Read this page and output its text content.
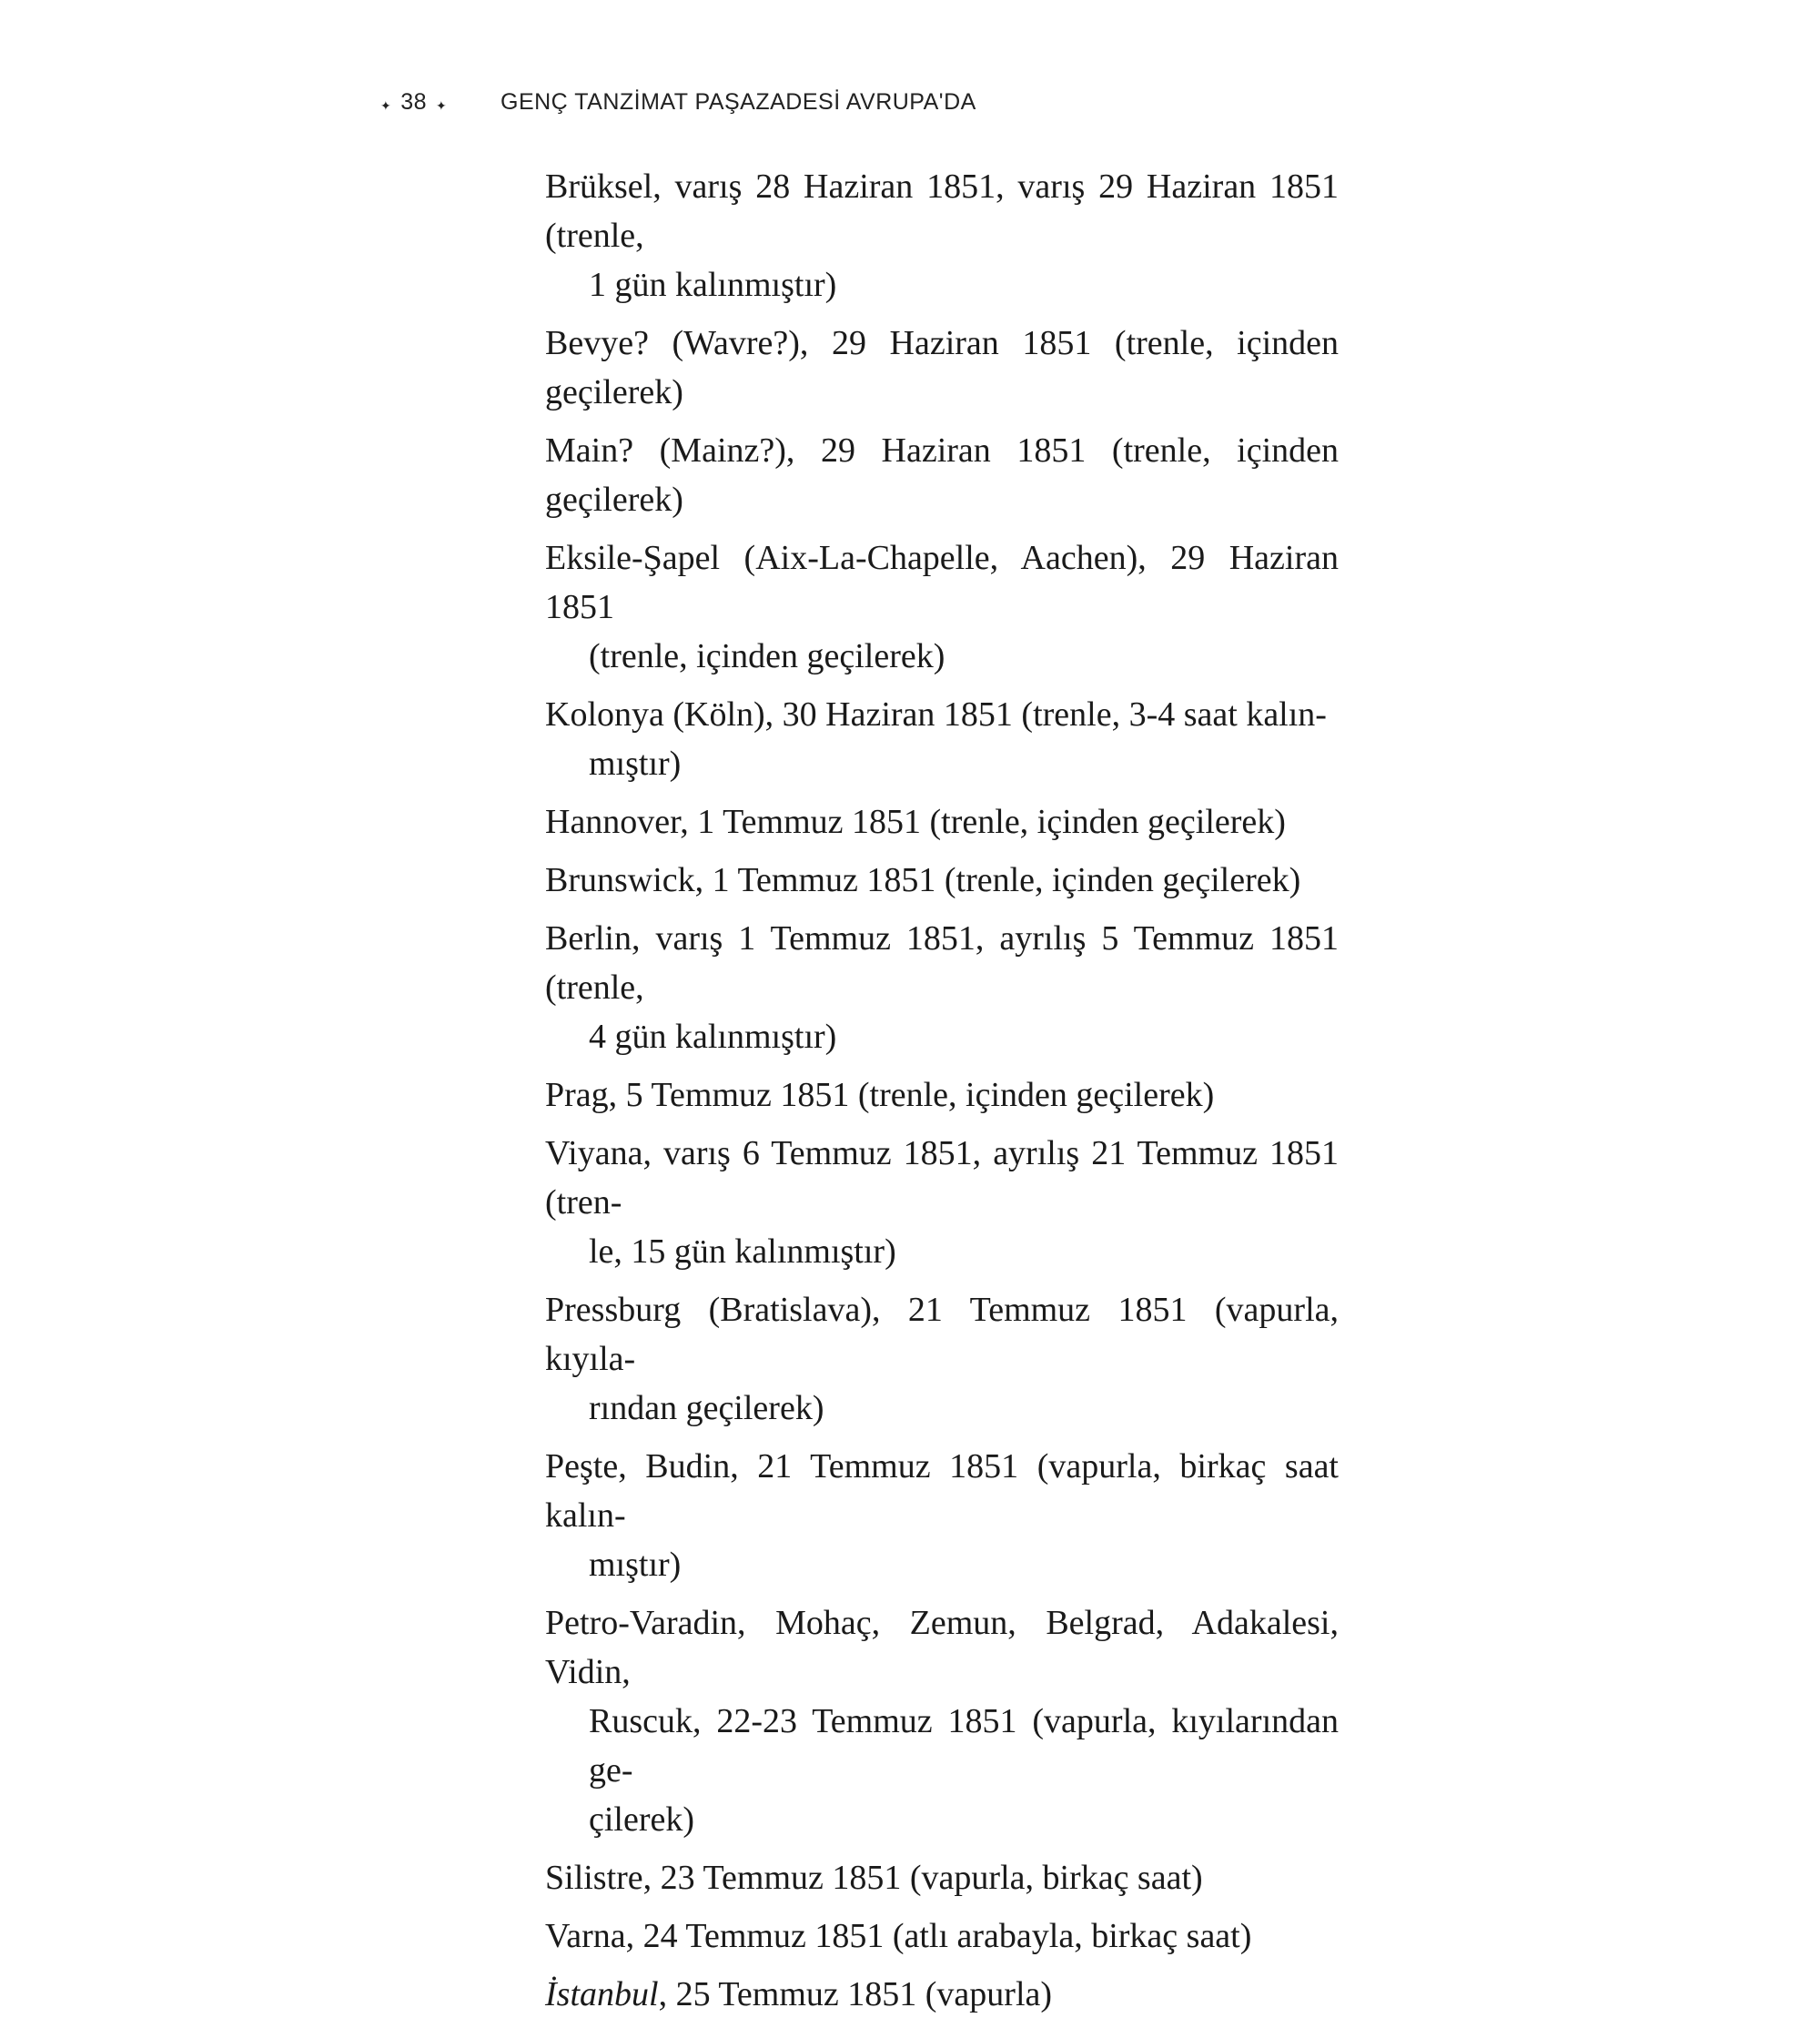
✦ 38 ✦ GENÇ TANZİMAT PAŞAZADESİ AVRUPA'DA
Brüksel, varış 28 Haziran 1851, varış 29 Haziran 1851 (trenle,
1 gün kalınmıştır)
Bevye? (Wavre?), 29 Haziran 1851 (trenle, içinden geçilerek)
Main? (Mainz?), 29 Haziran 1851 (trenle, içinden geçilerek)
Eksile-Şapel (Aix-La-Chapelle, Aachen), 29 Haziran 1851
(trenle, içinden geçilerek)
Kolonya (Köln), 30 Haziran 1851 (trenle, 3-4 saat kalın-
mıştır)
Hannover, 1 Temmuz 1851 (trenle, içinden geçilerek)
Brunswick, 1 Temmuz 1851 (trenle, içinden geçilerek)
Berlin, varış 1 Temmuz 1851, ayrılış 5 Temmuz 1851 (trenle,
4 gün kalınmıştır)
Prag, 5 Temmuz 1851 (trenle, içinden geçilerek)
Viyana, varış 6 Temmuz 1851, ayrılış 21 Temmuz 1851 (tren-
le, 15 gün kalınmıştır)
Pressburg (Bratislava), 21 Temmuz 1851 (vapurla, kıyıla-
rından geçilerek)
Peşte, Budin, 21 Temmuz 1851 (vapurla, birkaç saat kalın-
mıştır)
Petro-Varadin, Mohaç, Zemun, Belgrad, Adakalesi, Vidin,
Ruscuk, 22-23 Temmuz 1851 (vapurla, kıyılarından ge-
çilerek)
Silistre, 23 Temmuz 1851 (vapurla, birkaç saat)
Varna, 24 Temmuz 1851 (atlı arabayla, birkaç saat)
İstanbul, 25 Temmuz 1851 (vapurla)
